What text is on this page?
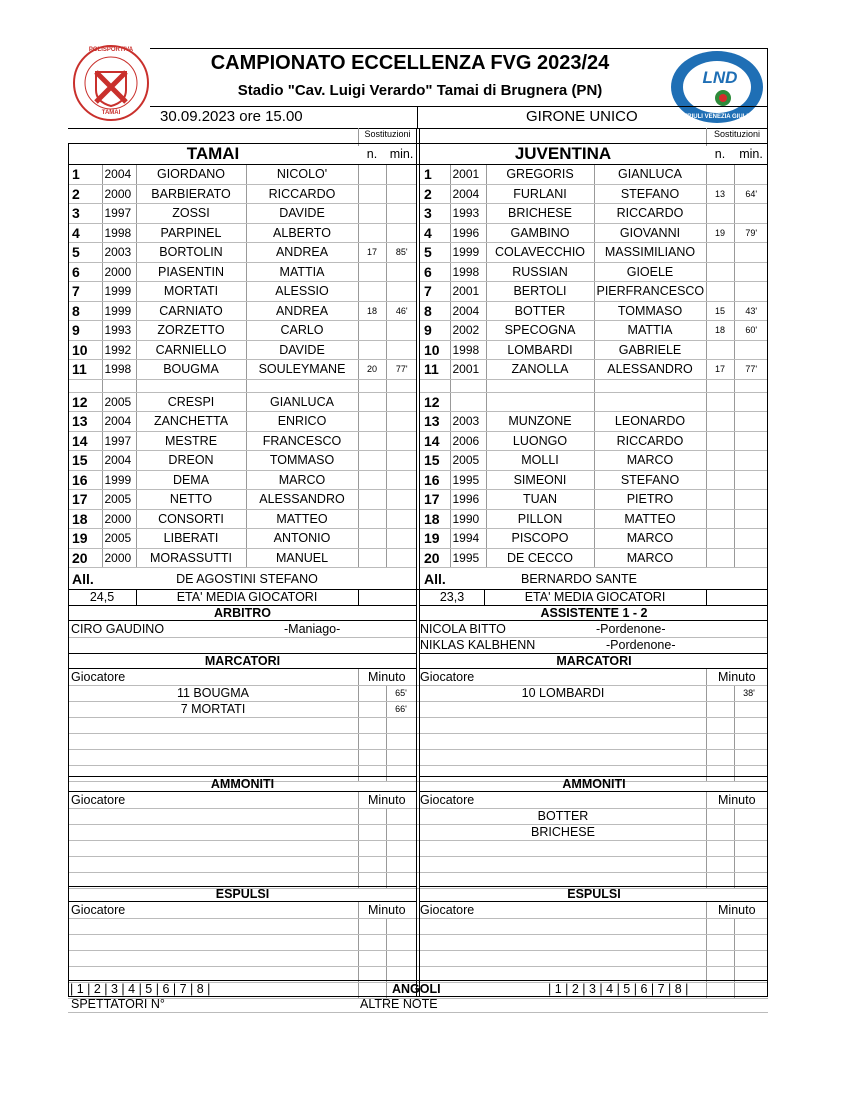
POLISPORTIVA
TAMAI
LND
FRIULI VENEZIA GIULIA
CAMPIONATO ECCELLENZA FVG 2023/24
Stadio "Cav. Luigi Verardo" Tamai di Brugnera (PN)
30.09.2023 ore 15.00	GIRONE UNICO
Sostituzioni	Sostituzioni
TAMAI	n. min.	JUVENTINA	n.	min.
1	2004	GIORDANO	NICOLO'		
2	2000	BARBIERATO	RICCARDO		
3	1997	ZOSSI	DAVIDE		
4	1998	PARPINEL	ALBERTO		
5	2003	BORTOLIN	ANDREA	17	85'
6	2000	PIASENTIN	MATTIA		
7	1999	MORTATI	ALESSIO		
8	1999	CARNIATO	ANDREA	18	46'
9	1993	ZORZETTO	CARLO		
10	1992	CARNIELLO	DAVIDE		
11	1998	BOUGMA	SOULEYMANE	20	77'

12	2005	CRESPI	GIANLUCA		
13	2004	ZANCHETTA	ENRICO		
14	1997	MESTRE	FRANCESCO		
15	2004	DREON	TOMMASO		
16	1999	DEMA	MARCO		
17	2005	NETTO	ALESSANDRO		
18	2000	CONSORTI	MATTEO		
19	2005	LIBERATI	ANTONIO		
20	2000	MORASSUTTI	MANUEL		
1	2001	GREGORIS	GIANLUCA		
2	2004	FURLANI	STEFANO	13	64'
3	1993	BRICHESE	RICCARDO		
4	1996	GAMBINO	GIOVANNI	19	79'
5	1999	COLAVECCHIO	MASSIMILIANO		
6	1998	RUSSIAN	GIOELE		
7	2001	BERTOLI	PIERFRANCESCO		
8	2004	BOTTER	TOMMASO	15	43'
9	2002	SPECOGNA	MATTIA	18	60'
10	1998	LOMBARDI	GABRIELE		
11	2001	ZANOLLA	ALESSANDRO	17	77'

12					
13	2003	MUNZONE	LEONARDO		
14	2006	LUONGO	RICCARDO		
15	2005	MOLLI	MARCO		
16	1995	SIMEONI	STEFANO		
17	1996	TUAN	PIETRO		
18	1990	PILLON	MATTEO		
19	1994	PISCOPO	MARCO		
20	1995	DE CECCO	MARCO		
All.	DE AGOSTINI STEFANO	All.	BERNARDO SANTE
24,5	ETA' MEDIA GIOCATORI	23,3	ETA' MEDIA GIOCATORI
ARBITRO	ASSISTENTE 1 - 2
CIRO GAUDINO	-Maniago-	NICOLA BITTO	-Pordenone-
NIKLAS KALBHENN	-Pordenone-
MARCATORI	MARCATORI
Giocatore	Minuto Giocatore	Minuto
11 BOUGMA	65'
7 MORTATI	66'
10 LOMBARDI	38'
AMMONITI	AMMONITI
Giocatore	Minuto Giocatore	Minuto
BOTTER
BRICHESE
ESPULSI	ESPULSI
Giocatore	Minuto Giocatore	Minuto
| 1 | 2 | 3 | 4 | 5 | 6 | 7 | 8 |	ANGOLI	| 1 | 2 | 3 | 4 | 5 | 6 | 7 | 8 |
SPETTATORI N°	ALTRE NOTE
